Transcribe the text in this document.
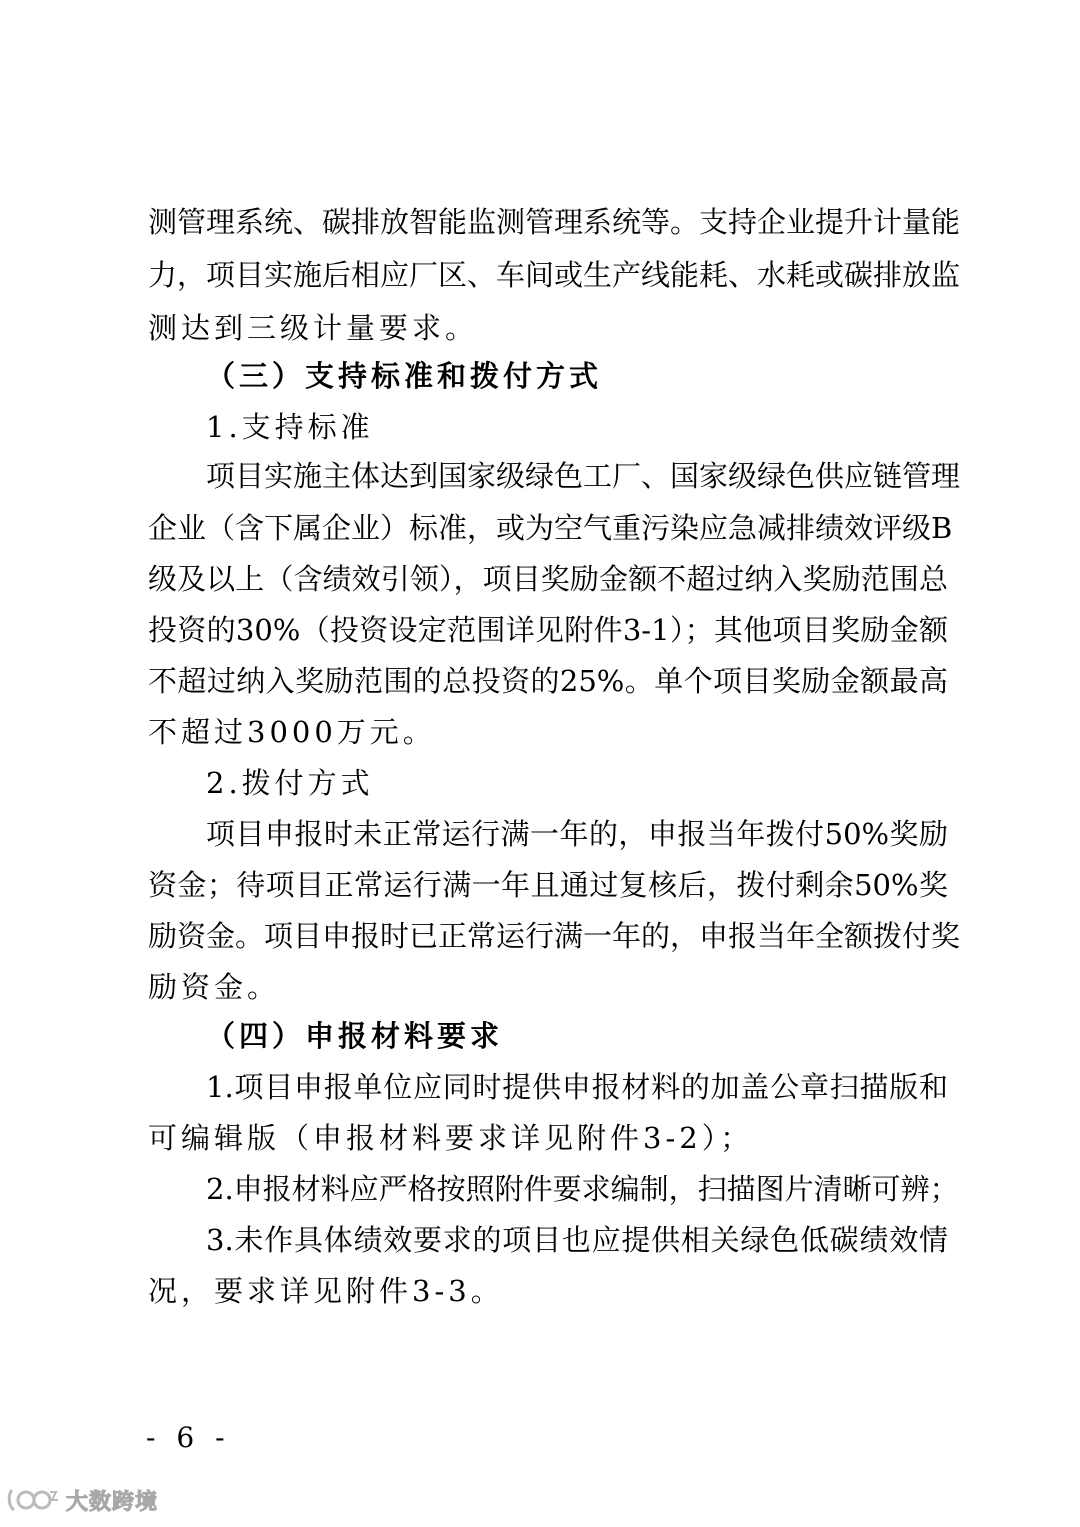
测管理系统、碳排放智能监测管理系统等。支持企业提升计量能
力，项目实施后相应厂区、车间或生产线能耗、水耗或碳排放监
测达到三级计量要求。
（三）支持标准和拨付方式
1.支持标准
项目实施主体达到国家级绿色工厂、国家级绿色供应链管理
企业（含下属企业）标准，或为空气重污染应急减排绩效评级B
级及以上（含绩效引领），项目奖励金额不超过纳入奖励范围总
投资的30%（投资设定范围详见附件3-1）；其他项目奖励金额
不超过纳入奖励范围的总投资的25%。单个项目奖励金额最高
不超过3000万元。
2.拨付方式
项目申报时未正常运行满一年的，申报当年拨付50%奖励
资金；待项目正常运行满一年且通过复核后，拨付剩余50%奖
励资金。项目申报时已正常运行满一年的，申报当年全额拨付奖
励资金。
（四）申报材料要求
1.项目申报单位应同时提供申报材料的加盖公章扫描版和
可编辑版（申报材料要求详见附件3-2）；
2.申报材料应严格按照附件要求编制，扫描图片清晰可辨；
3.未作具体绩效要求的项目也应提供相关绿色低碳绩效情
况，要求详见附件3-3。
- 6 -
大数跨境
